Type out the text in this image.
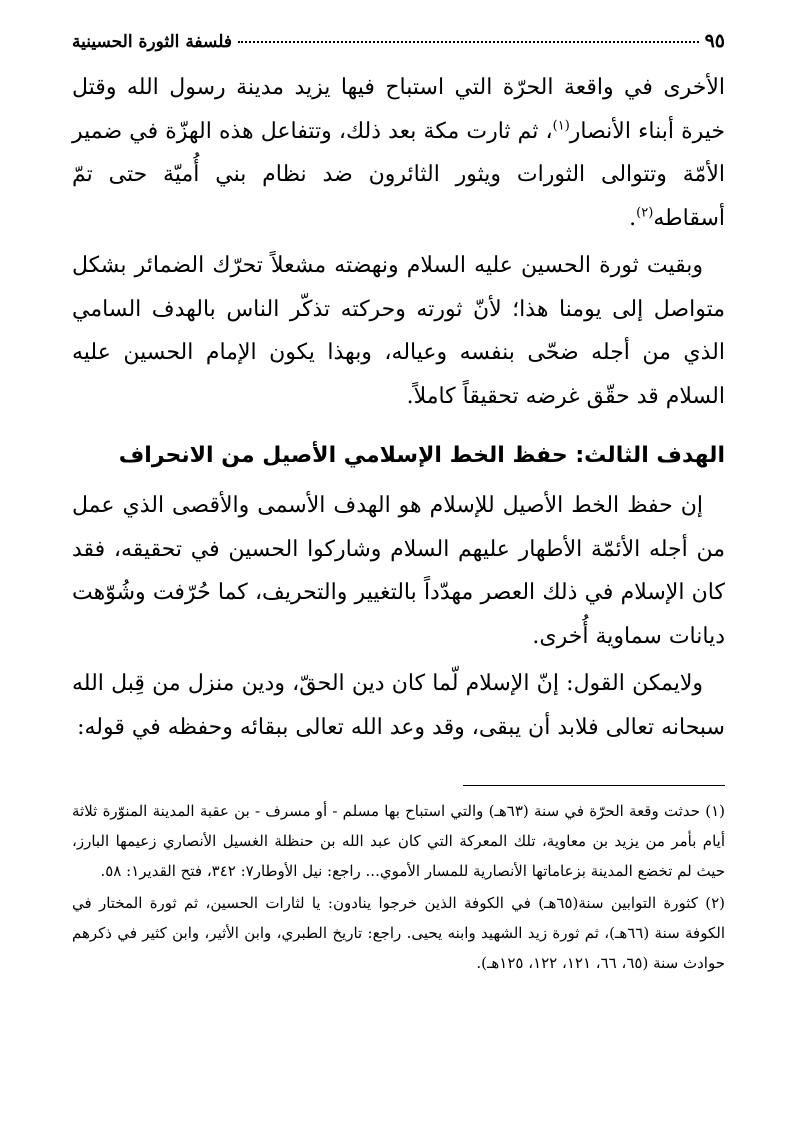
٩٥
فلسفة الثورة الحسينية

الأخرى في واقعة الحرّة التي استباح فيها يزيد مدينة رسول الله وقتل خيرة أبناء الأنصار$^{(١)}$، ثم ثارت مكة بعد ذلك، وتتفاعل هذه الهزّة في ضمير الأمّة وتتوالى الثورات ويثور الثائرون ضد نظام بني أُميّة حتى تمّ أسقاطه$^{(٢)}$.

وبقيت ثورة الحسين عليه السلام ونهضته مشعلاً تحرّك الضمائر بشكل متواصل إلى يومنا هذا؛ لأنّ ثورته وحركته تذكّر الناس بالهدف السامي الذي من أجله ضحّى بنفسه وعياله، وبهذا يكون الإمام الحسين عليه السلام قد حقّق غرضه تحقيقاً كاملاً.

الهدف الثالث: حفظ الخط الإسلامي الأصيل من الانحراف

إن حفظ الخط الأصيل للإسلام هو الهدف الأسمى والأقصى الذي عمل من أجله الأئمّة الأطهار عليهم السلام وشاركوا الحسين في تحقيقه، فقد كان الإسلام في ذلك العصر مهدّداً بالتغيير والتحريف، كما حُرّفت وشُوّهت ديانات سماوية أُخرى.

ولايمكن القول: إنّ الإسلام لّما كان دين الحقّ، ودين منزل من قِبل الله سبحانه تعالى فلابد أن يبقى، وقد وعد الله تعالى ببقائه وحفظه في قوله:

(١) حدثت وقعة الحرّة في سنة (٦٣هـ) والتي استباح بها مسلم - أو مسرف - بن عقبة المدينة المنوّرة ثلاثة أيام بأمر من يزيد بن معاوية، تلك المعركة التي كان عبد الله بن حنظلة الغسيل الأنصاري زعيمها البارز، حيث لم تخضع المدينة بزعاماتها الأنصارية للمسار الأموي... راجع: نيل الأوطار٧: ٣٤٢، فتح القدير١: ٥٨.

(٢) كثورة التوابين سنة(٦٥هـ) في الكوفة الذين خرجوا ينادون: يا لثارات الحسين، ثم ثورة المختار في الكوفة سنة (٦٦هـ)، ثم ثورة زيد الشهيد وابنه يحيى. راجع: تاريخ الطبري، وابن الأثير، وابن كثير في ذكرهم حوادث سنة (٦٥، ٦٦، ١٢١، ١٢٢، ١٢٥هـ).
